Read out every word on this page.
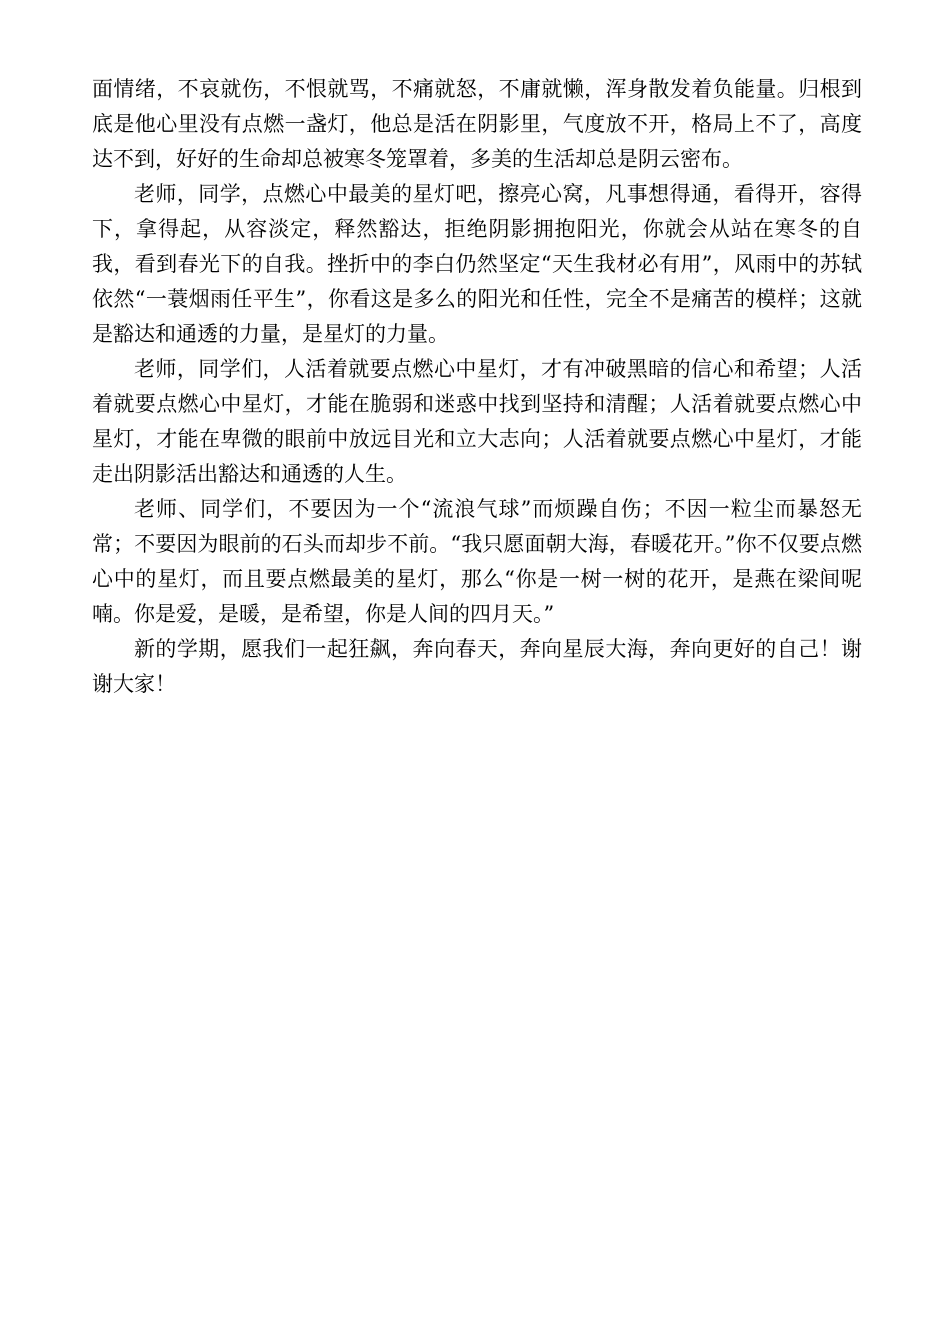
面情绪，不哀就伤，不恨就骂，不痛就怒，不庸就懒，浑身散发着负能量。归根到底是他心里没有点燃一盏灯，他总是活在阴影里，气度放不开，格局上不了，高度达不到，好好的生命却总被寒冬笼罩着，多美的生活却总是阴云密布。

老师，同学，点燃心中最美的星灯吧，擦亮心窝，凡事想得通，看得开，容得下，拿得起，从容淡定，释然豁达，拒绝阴影拥抱阳光，你就会从站在寒冬的自我，看到春光下的自我。挫折中的李白仍然坚定“天生我材必有用”，风雨中的苏轼依然“一蓑烟雨任平生”，你看这是多么的阳光和任性，完全不是痛苦的模样；这就是豁达和通透的力量，是星灯的力量。

老师，同学们，人活着就要点燃心中星灯，才有冲破黑暗的信心和希望；人活着就要点燃心中星灯，才能在脆弱和迷惑中找到坚持和清醒；人活着就要点燃心中星灯，才能在卑微的眼前中放远目光和立大志向；人活着就要点燃心中星灯，才能走出阴影活出豁达和通透的人生。

老师、同学们，不要因为一个“流浪气球”而烦躁自伤；不因一粒尘而暴怒无常；不要因为眼前的石头而却步不前。“我只愿面朝大海，春暖花开。”你不仅要点燃心中的星灯，而且要点燃最美的星灯，那么“你是一树一树的花开，是燕在梁间呢喃。你是爱，是暖，是希望，你是人间的四月天。”

新的学期，愿我们一起狂飙，奔向春天，奔向星辰大海，奔向更好的自己！谢谢大家！
